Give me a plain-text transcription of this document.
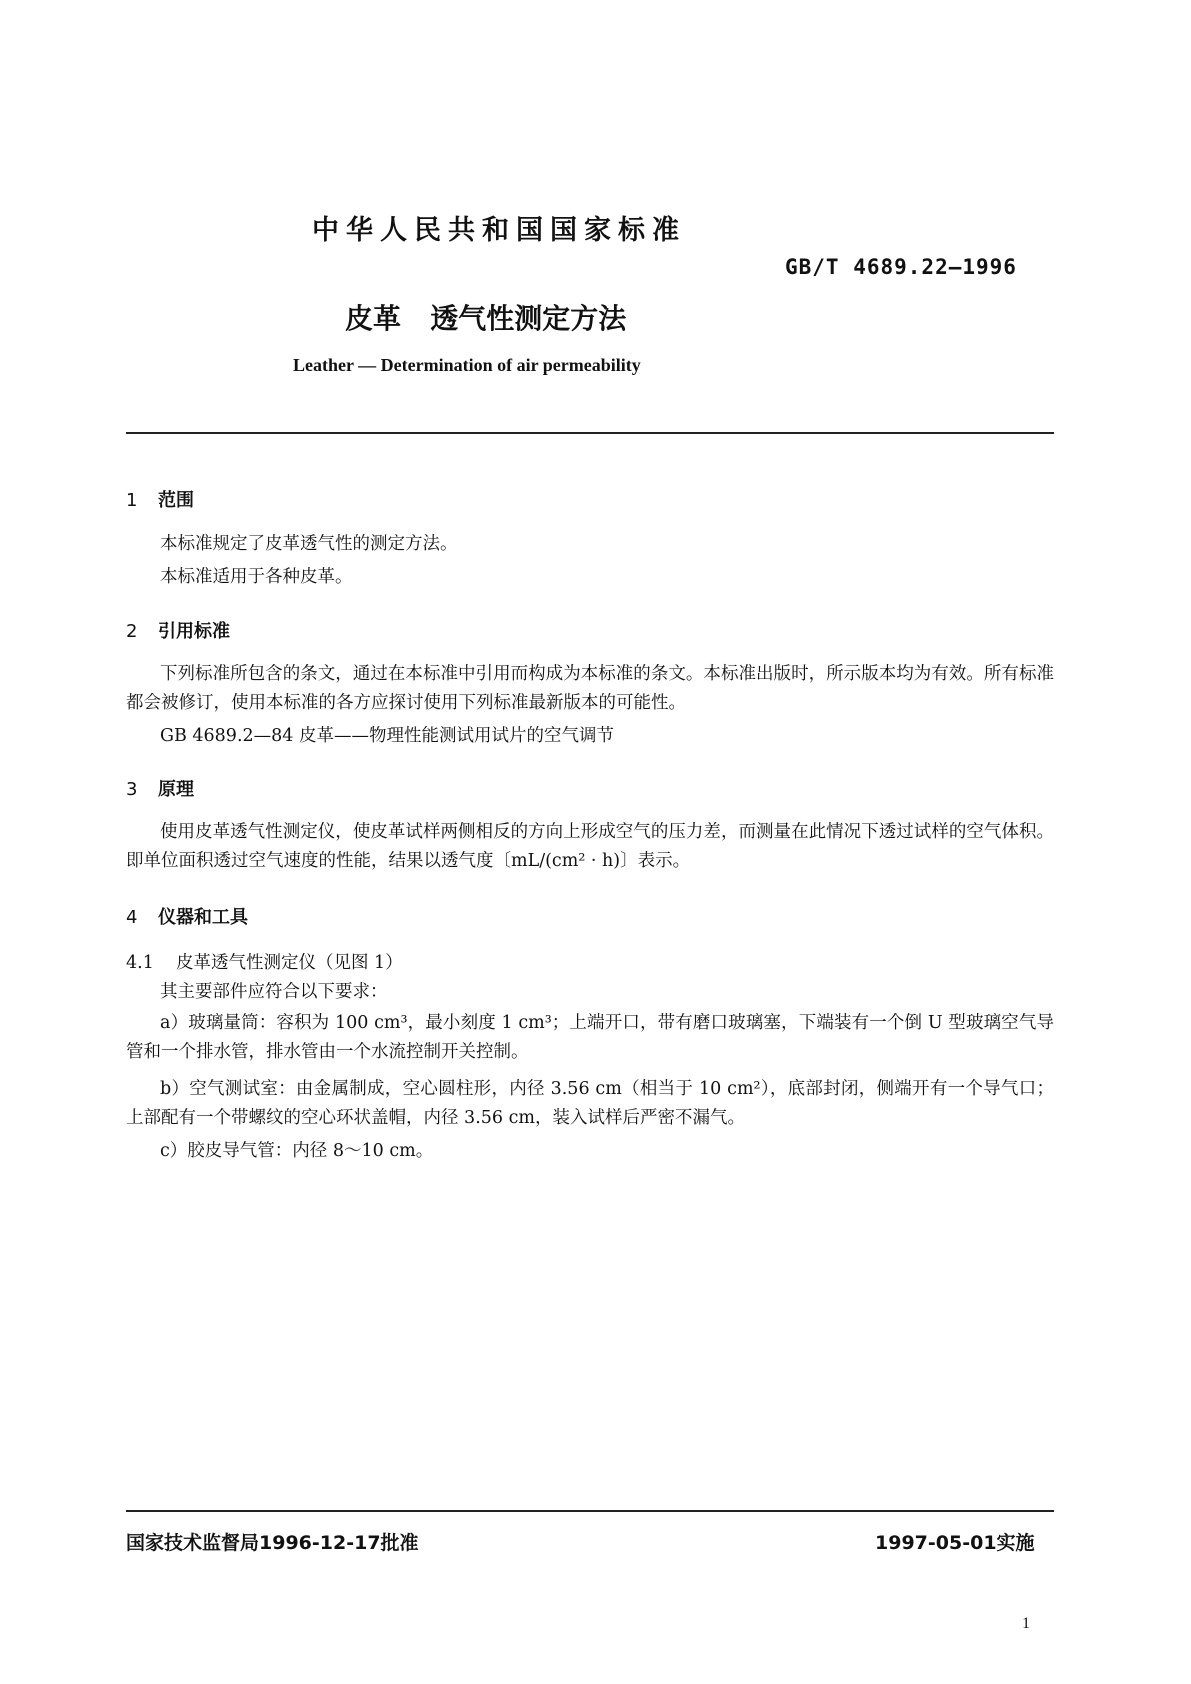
中华人民共和国国家标准
GB/T 4689.22—1996
皮革   透气性测定方法
Leather — Determination of air permeability
1 范围
本标准规定了皮革透气性的测定方法。
本标准适用于各种皮革。
2 引用标准
下列标准所包含的条文，通过在本标准中引用而构成为本标准的条文。本标准出版时，所示版本均为有效。所有标准都会被修订，使用本标准的各方应探讨使用下列标准最新版本的可能性。
GB 4689.2—84 皮革——物理性能测试用试片的空气调节
3 原理
使用皮革透气性测定仪，使皮革试样两侧相反的方向上形成空气的压力差，而测量在此情况下透过试样的空气体积。即单位面积透过空气速度的性能，结果以透气度〔mL/(cm² · h)〕表示。
4 仪器和工具
4.1 皮革透气性测定仪（见图 1）
其主要部件应符合以下要求：
a）玻璃量筒：容积为 100 cm³，最小刻度 1 cm³；上端开口，带有磨口玻璃塞，下端装有一个倒 U 型玻璃空气导管和一个排水管，排水管由一个水流控制开关控制。
b）空气测试室：由金属制成，空心圆柱形，内径 3.56 cm（相当于 10 cm²），底部封闭，侧端开有一个导气口；上部配有一个带螺纹的空心环状盖帽，内径 3.56 cm，装入试样后严密不漏气。
c）胶皮导气管：内径 8～10 cm。
国家技术监督局1996-12-17批准	1997-05-01实施
1
